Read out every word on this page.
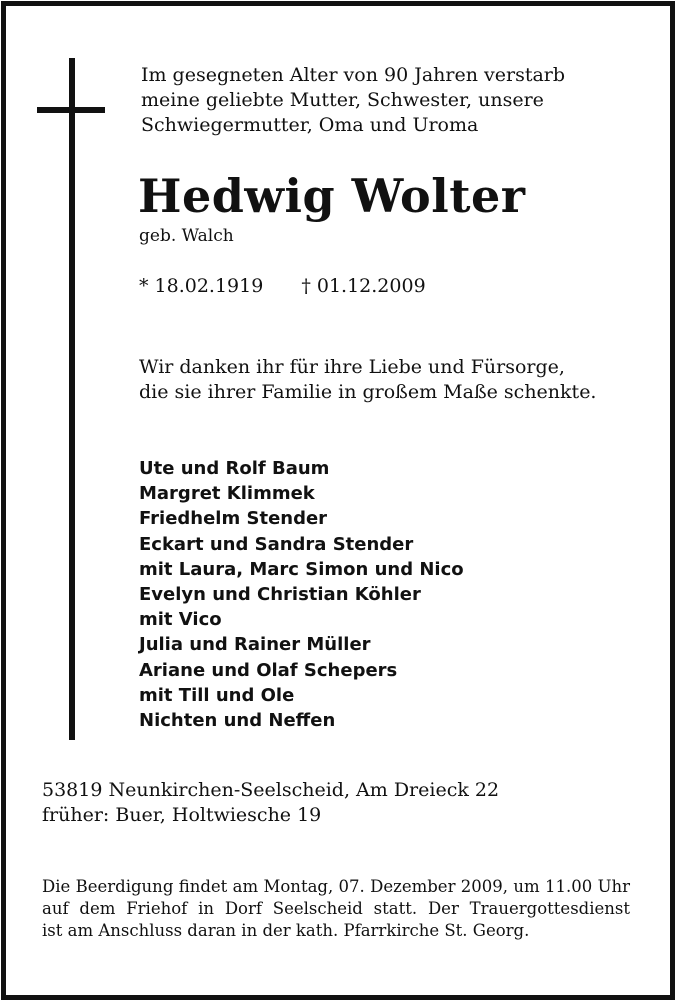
Im gesegneten Alter von 90 Jahren verstarb
meine geliebte Mutter, Schwester, unsere
Schwiegermutter, Oma und Uroma
Hedwig Wolter
geb. Walch
* 18.02.1919 † 01.12.2009
Wir danken ihr für ihre Liebe und Fürsorge,
die sie ihrer Familie in großem Maße schenkte.
Ute und Rolf Baum
Margret Klimmek
Friedhelm Stender
Eckart und Sandra Stender
mit Laura, Marc Simon und Nico
Evelyn und Christian Köhler
mit Vico
Julia und Rainer Müller
Ariane und Olaf Schepers
mit Till und Ole
Nichten und Neffen
53819 Neunkirchen-Seelscheid, Am Dreieck 22
früher: Buer, Holtwiesche 19
Die Beerdigung findet am Montag, 07. Dezember 2009, um 11.00 Uhr
auf dem Friehof in Dorf Seelscheid statt. Der Trauergottesdienst
ist am Anschluss daran in der kath. Pfarrkirche St. Georg.
